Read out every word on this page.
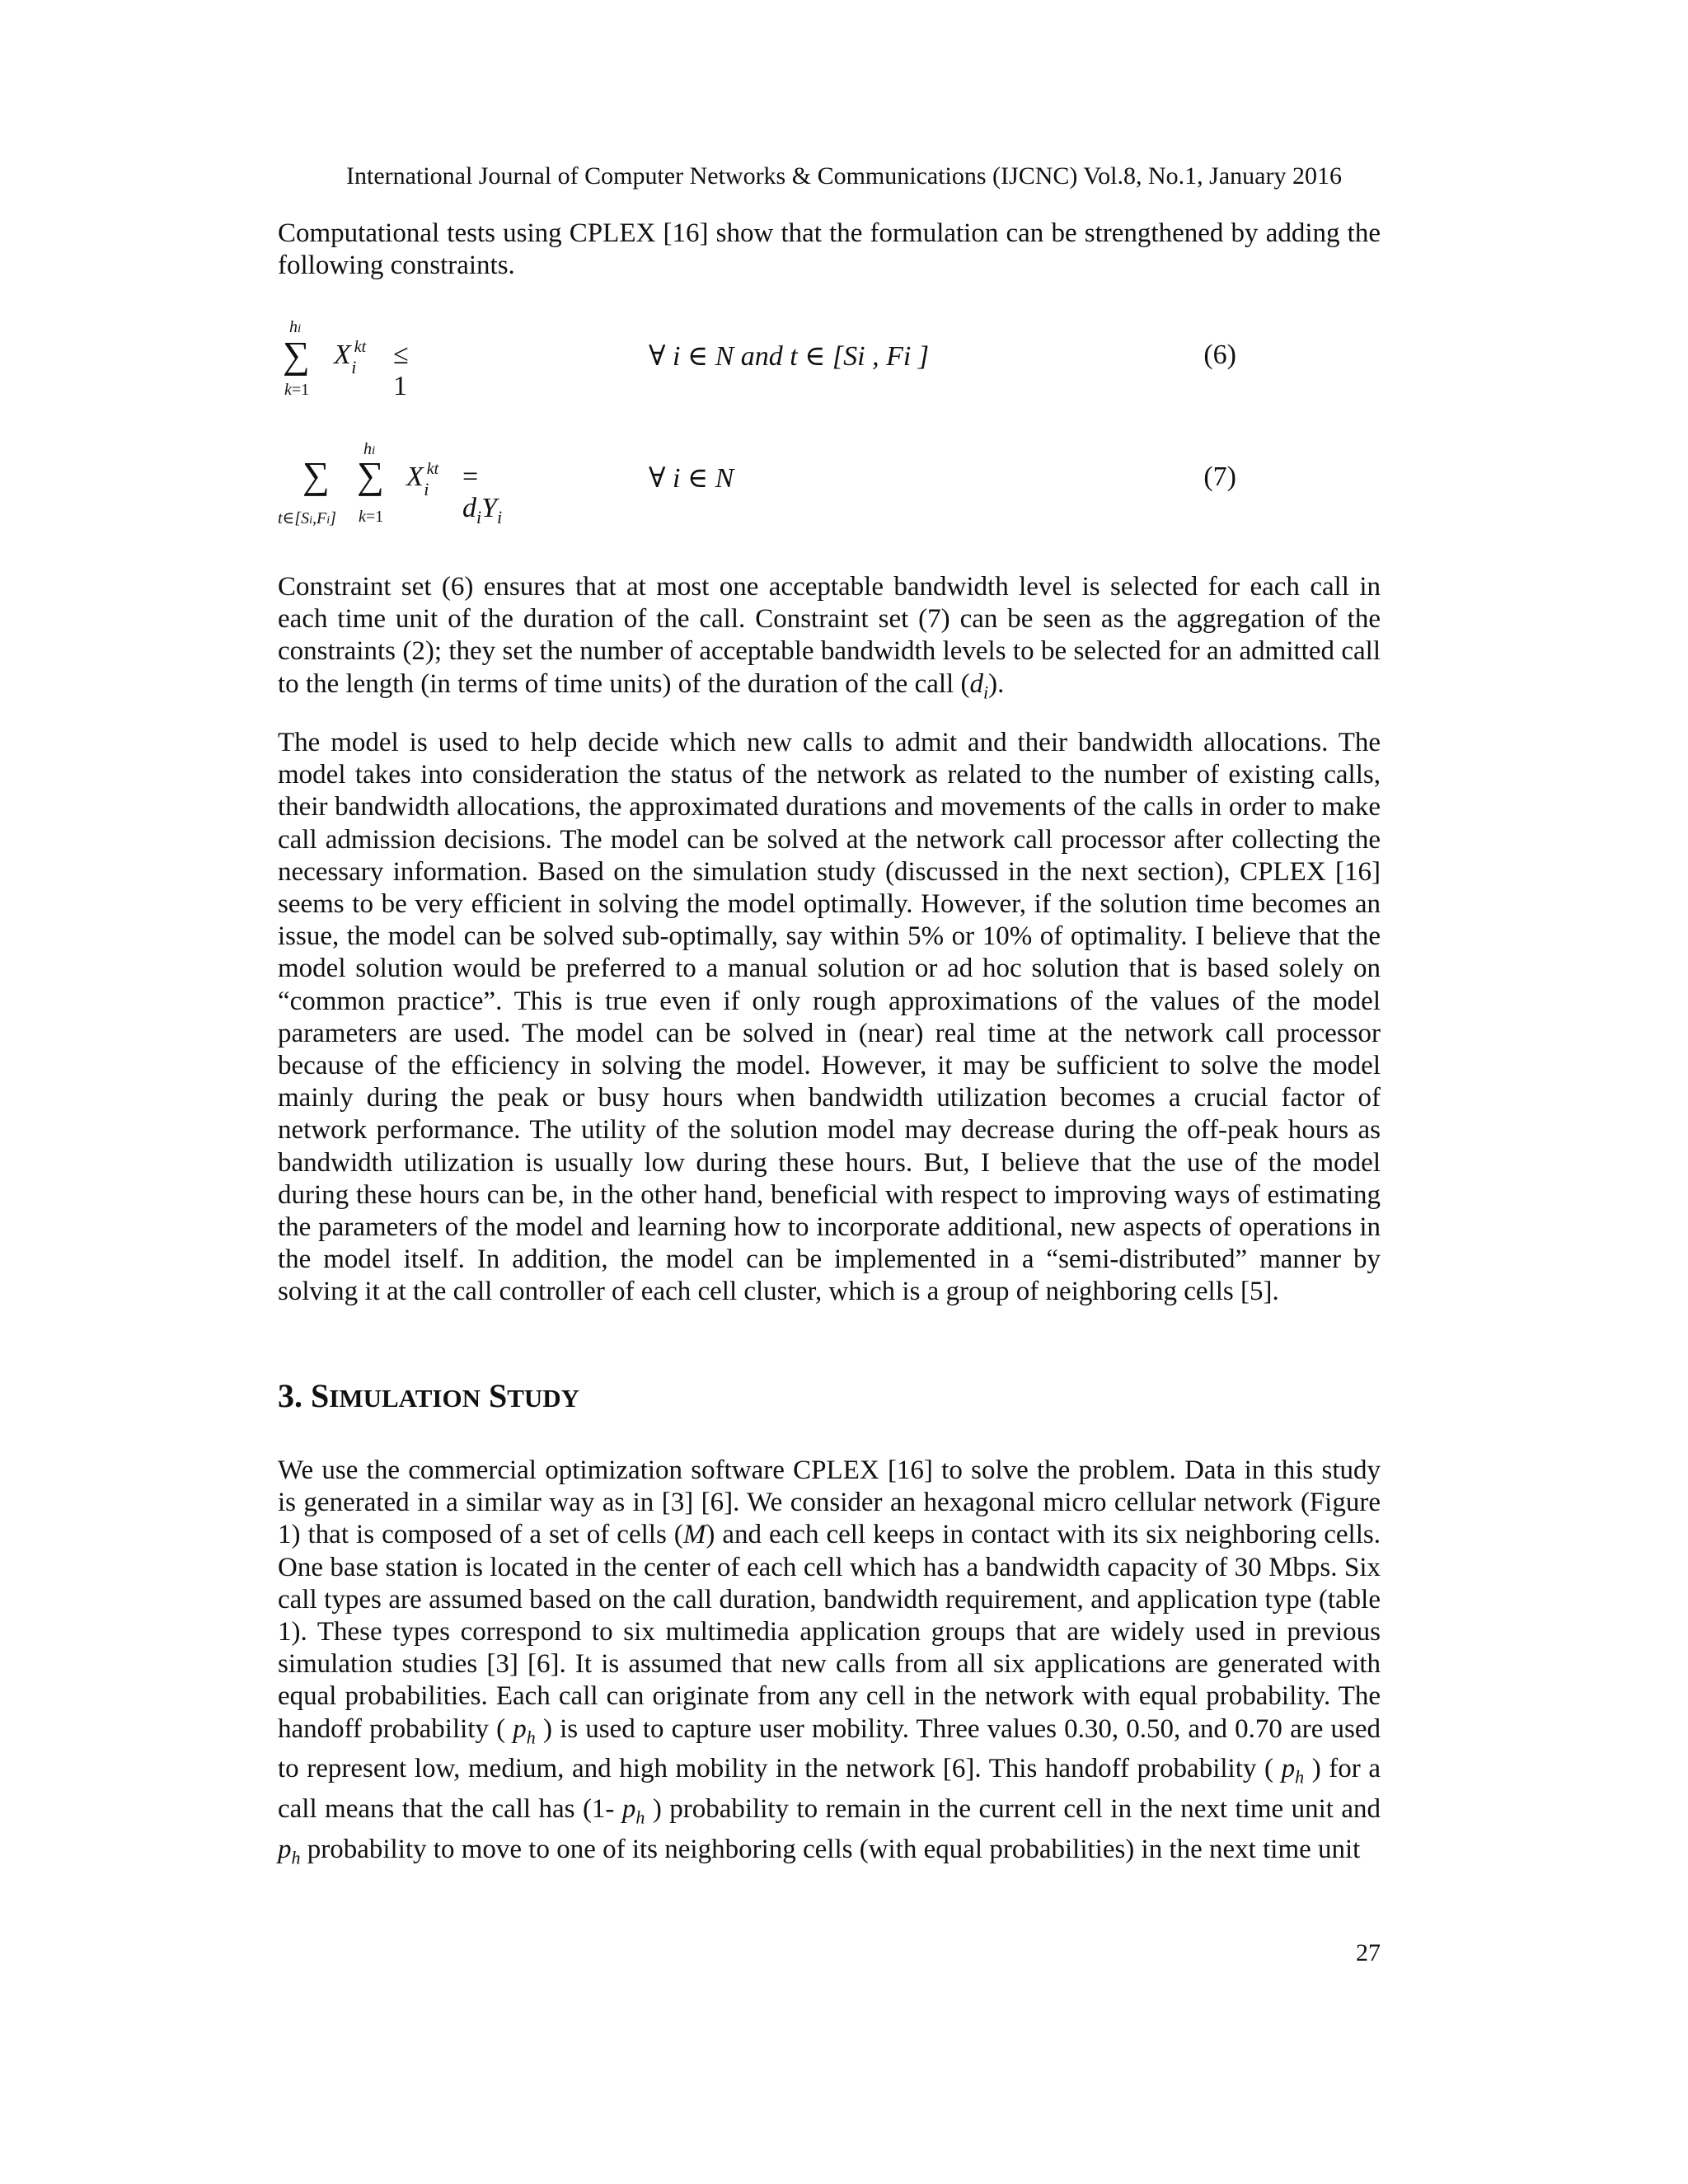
International Journal of Computer Networks & Communications (IJCNC) Vol.8, No.1, January 2016
Computational tests using CPLEX [16] show that the formulation can be strengthened by adding the following constraints.
hi
∑
k=1
X $^{kt}_i$	≤ 1
∀ i ∈ N and t ∈ [Si , Fi ]	(6)
∑
t∈[Si,Fi]
hi
∑
k=1
X $^{kt}_i$	= $d_iY_i$
∀ i ∈ N	(7)
Constraint set (6) ensures that at most one acceptable bandwidth level is selected for each call in each time unit of the duration of the call. Constraint set (7) can be seen as the aggregation of the constraints (2); they set the number of acceptable bandwidth levels to be selected for an admitted call to the length (in terms of time units) of the duration of the call $(d_i)$.
The model is used to help decide which new calls to admit and their bandwidth allocations. The model takes into consideration the status of the network as related to the number of existing calls, their bandwidth allocations, the approximated durations and movements of the calls in order to make call admission decisions. The model can be solved at the network call processor after collecting the necessary information. Based on the simulation study (discussed in the next section), CPLEX [16] seems to be very efficient in solving the model optimally. However, if the solution time becomes an issue, the model can be solved sub-optimally, say within 5% or 10% of optimality. I believe that the model solution would be preferred to a manual solution or ad hoc solution that is based solely on “common practice”. This is true even if only rough approximations of the values of the model parameters are used. The model can be solved in (near) real time at the network call processor because of the efficiency in solving the model. However, it may be sufficient to solve the model mainly during the peak or busy hours when bandwidth utilization becomes a crucial factor of network performance. The utility of the solution model may decrease during the off-peak hours as bandwidth utilization is usually low during these hours. But, I believe that the use of the model during these hours can be, in the other hand, beneficial with respect to improving ways of estimating the parameters of the model and learning how to incorporate additional, new aspects of operations in the model itself. In addition, the model can be implemented in a “semi-distributed” manner by solving it at the call controller of each cell cluster, which is a group of neighboring cells [5].
3. SIMULATION STUDY
We use the commercial optimization software CPLEX [16] to solve the problem. Data in this study is generated in a similar way as in [3] [6]. We consider an hexagonal micro cellular network (Figure 1) that is composed of a set of cells (M) and each cell keeps in contact with its six neighboring cells. One base station is located in the center of each cell which has a bandwidth capacity of 30 Mbps. Six call types are assumed based on the call duration, bandwidth requirement, and application type (table 1). These types correspond to six multimedia application groups that are widely used in previous simulation studies [3] [6]. It is assumed that new calls from all six applications are generated with equal probabilities. Each call can originate from any cell in the network with equal probability. The handoff probability ( $p_h$ ) is used to capture user mobility. Three values 0.30, 0.50, and 0.70 are used to represent low, medium, and high mobility in the network [6]. This handoff probability ( $p_h$ ) for a call means that the call has (1- $p_h$ ) probability to remain in the current cell in the next time unit and $p_h$ probability to move to one of its neighboring cells (with equal probabilities) in the next time unit
27
